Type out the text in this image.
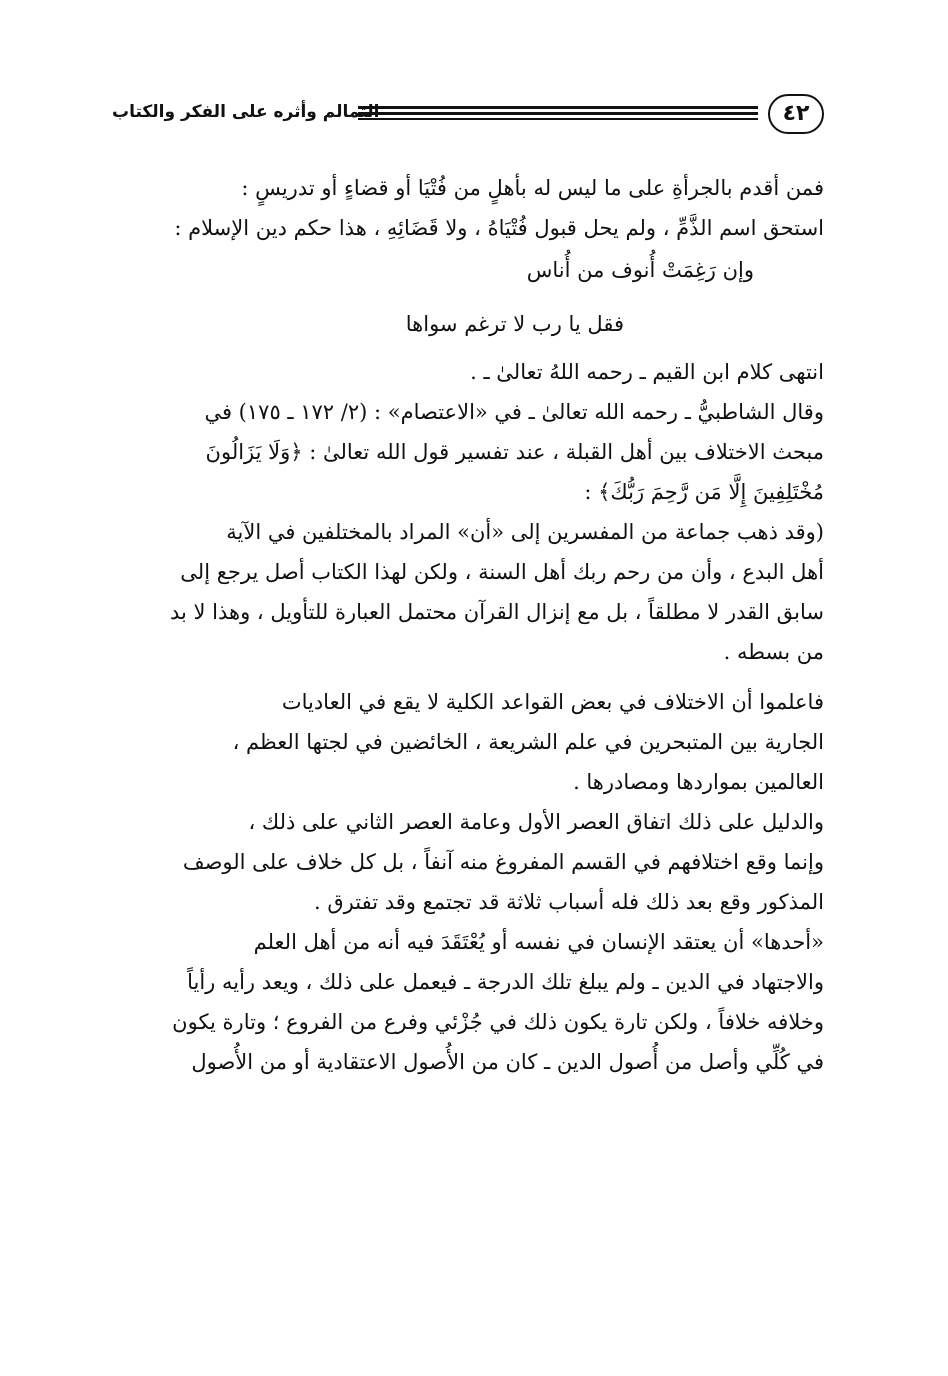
٤٢
التمالم وأثره على الفكر والكتاب
فمن أقدم بالجرأةِ على ما ليس له بأهلٍ من فُتْيَا أو قضاءٍ أو تدريسٍ :
استحق اسم الذَّمِّ ، ولم يحل قبول فُتْيَاهُ ، ولا قَضَائِهِ ، هذا حكم دين الإسلام :
وإن رَغِمَتْ أُنوف من أُناس
فقل يا رب لا ترغم سواها
انتهى كلام ابن القيم ـ رحمه اللهُ تعالىٰ ـ .
وقال الشاطبيُّ ـ رحمه الله تعالىٰ ـ في «الاعتصام» : (٢/ ١٧٢ ـ ١٧٥) في
مبحث الاختلاف بين أهل القبلة ، عند تفسير قول الله تعالىٰ : ﴿وَلَا يَزَالُونَ
مُخْتَلِفِينَ إِلَّا مَن رَّحِمَ رَبُّكَ﴾ :
(وقد ذهب جماعة من المفسرين إلى «أن» المراد بالمختلفين في الآية
أهل البدع ، وأن من رحم ربك أهل السنة ، ولكن لهذا الكتاب أصل يرجع إلى
سابق القدر لا مطلقاً ، بل مع إنزال القرآن محتمل العبارة للتأويل ، وهذا لا بد
من بسطه .
فاعلموا أن الاختلاف في بعض القواعد الكلية لا يقع في العاديات
الجارية بين المتبحرين في علم الشريعة ، الخائضين في لجتها العظم ،
العالمين بمواردها ومصادرها .
والدليل على ذلك اتفاق العصر الأول وعامة العصر الثاني على ذلك ،
وإنما وقع اختلافهم في القسم المفروغ منه آنفاً ، بل كل خلاف على الوصف
المذكور وقع بعد ذلك فله أسباب ثلاثة قد تجتمع وقد تفترق .
«أحدها» أن يعتقد الإنسان في نفسه أو يُعْتَقَدَ فيه أنه من أهل العلم
والاجتهاد في الدين ـ ولم يبلغ تلك الدرجة ـ فيعمل على ذلك ، ويعد رأيه رأياً
وخلافه خلافاً ، ولكن تارة يكون ذلك في جُزْئي وفرع من الفروع ؛ وتارة يكون
في كُلِّي وأصل من أُصول الدين ـ كان من الأُصول الاعتقادية أو من الأُصول
